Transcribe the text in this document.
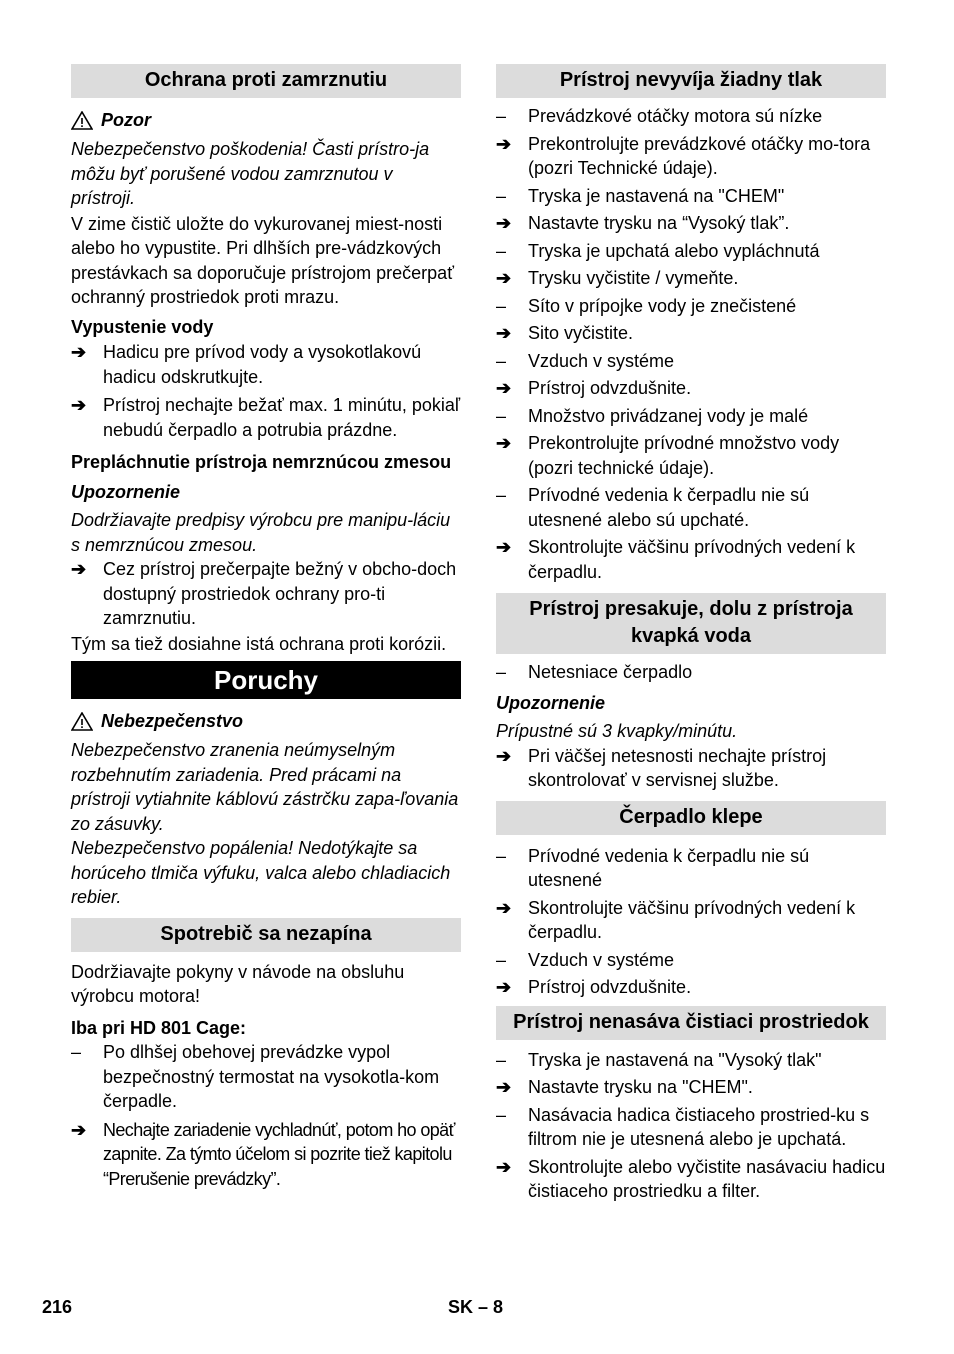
Ochrana proti zamrznutiu
Pozor
Nebezpečenstvo poškodenia! Časti prístro-ja môžu byť porušené vodou zamrznutou v prístroji.
V zime čistič uložte do vykurovanej miest-nosti alebo ho vypustite. Pri dlhších pre-vádzkových prestávkach sa doporučuje prístrojom prečerpať ochranný prostriedok proti mrazu.
Vypustenie vody
➔ Hadicu pre prívod vody a vysokotlakovú hadicu odskrutkujte.
➔ Prístroj nechajte bežať max. 1 minútu, pokiaľ nebudú čerpadlo a potrubia prázdne.
Prepláchnutie prístroja nemrznúcou zmesou
Upozornenie
Dodržiavajte predpisy výrobcu pre manipu-láciu s nemrznúcou zmesou.
➔ Cez prístroj prečerpajte bežný v obcho-doch dostupný prostriedok ochrany pro-ti zamrznutiu.
Tým sa tiež dosiahne istá ochrana proti korózii.
Poruchy
Nebezpečenstvo
Nebezpečenstvo zranenia neúmyselným rozbehnutím zariadenia. Pred prácami na prístroji vytiahnite káblovú zástrčku zapa-ľovania zo zásuvky.
Nebezpečenstvo popálenia! Nedotýkajte sa horúceho tlmiča výfuku, valca alebo chladiacich rebier.
Spotrebič sa nezapína
Dodržiavajte pokyny v návode na obsluhu výrobcu motora!
Iba pri HD 801 Cage:
–	Po dlhšej obehovej prevádzke vypol bezpečnostný termostat na vysokotla-kom čerpadle.
➔ Nechajte zariadenie vychladnúť, potom ho opäť zapnite. Za týmto účelom si pozrite tiež kapitolu “Prerušenie prevádzky”.
Prístroj nevyvíja žiadny tlak
–	Prevádzkové otáčky motora sú nízke
➔ Prekontrolujte prevádzkové otáčky mo-tora (pozri Technické údaje).
–	Tryska je nastavená na "CHEM"
➔ Nastavte trysku na “Vysoký tlak”.
–	Tryska je upchatá alebo vypláchnutá
➔ Trysku vyčistite / vymeňte.
–	Síto v prípojke vody je znečistené
➔ Sito vyčistite.
–	Vzduch v systéme
➔ Prístroj odvzdušnite.
–	Množstvo privádzanej vody je malé
➔ Prekontrolujte prívodné množstvo vody (pozri technické údaje).
–	Prívodné vedenia k čerpadlu nie sú utesnené alebo sú upchaté.
➔ Skontrolujte väčšinu prívodných vedení k čerpadlu.
Prístroj presakuje, dolu z prístroja kvapká voda
–	Netesniace čerpadlo
Upozornenie
Prípustné sú 3 kvapky/minútu.
➔ Pri väčšej netesnosti nechajte prístroj skontrolovať v servisnej službe.
Čerpadlo klepe
–	Prívodné vedenia k čerpadlu nie sú utesnené
➔ Skontrolujte väčšinu prívodných vedení k čerpadlu.
–	Vzduch v systéme
➔ Prístroj odvzdušnite.
Prístroj nenasáva čistiaci prostriedok
–	Tryska je nastavená na "Vysoký tlak"
➔ Nastavte trysku na "CHEM".
–	Nasávacia hadica čistiaceho prostried-ku s filtrom nie je utesnená alebo je upchatá.
➔ Skontrolujte alebo vyčistite nasávaciu hadicu čistiaceho prostriedku a filter.
216	SK – 8
